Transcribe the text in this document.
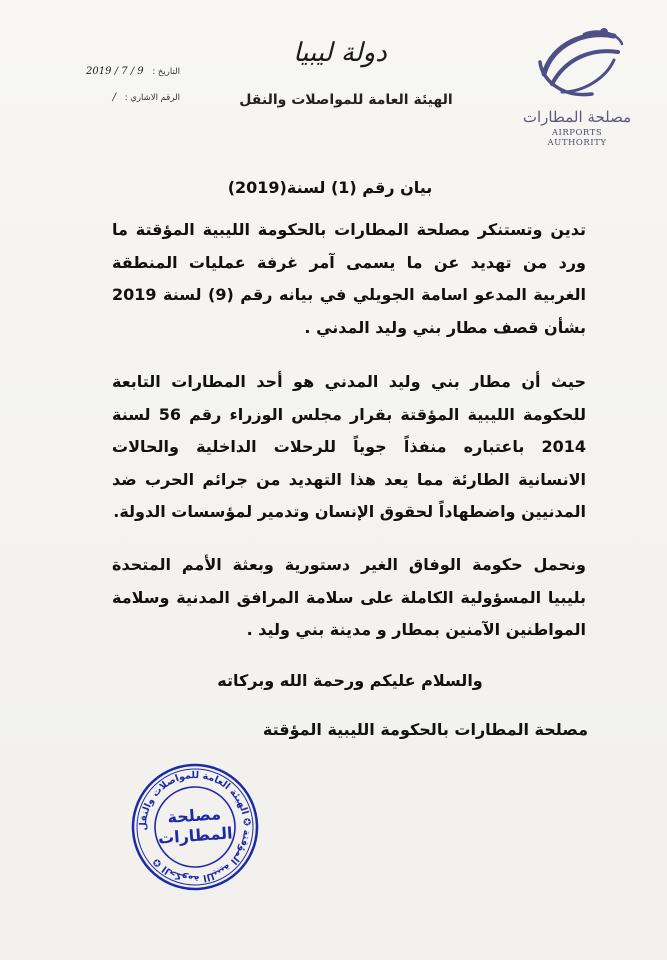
مصلحة المطارات
AIRPORTS AUTHORITY
دولة ليبيا
الهيئة العامة للمواصلات والنقل
التاريخ : 2019 / 7 / 9
الرقم الاشاري : /
بيان رقم (1) لسنة(2019)
تدين وتستنكر مصلحة المطارات بالحكومة الليبية المؤقتة ما ورد من تهديد عن ما يسمى آمر غرفة عمليات المنطقة الغربية المدعو اسامة الجويلي في بيانه رقم (9) لسنة 2019 بشأن قصف مطار بني وليد المدني .
حيث أن مطار بني وليد المدني هو أحد المطارات التابعة للحكومة الليبية المؤقتة بقرار مجلس الوزراء رقم 56 لسنة 2014 باعتباره منفذاً جوياً للرحلات الداخلية والحالات الانسانية الطارئة مما يعد هذا التهديد من جرائم الحرب ضد المدنيين واضطهاداً لحقوق الإنسان وتدمير لمؤسسات الدولة.
ونحمل حكومة الوفاق الغير دستورية وبعثة الأمم المتحدة بليبيا المسؤولية الكاملة على سلامة المرافق المدنية وسلامة المواطنين الآمنين بمطار و مدينة بني وليد .
والسلام عليكم ورحمة الله وبركاته
مصلحة المطارات بالحكومة الليبية المؤقتة
الحكومة الليبية المؤقتة ✪ الهيئة العامة للمواصلات والنقل ✪
مصلحة
المطارات
